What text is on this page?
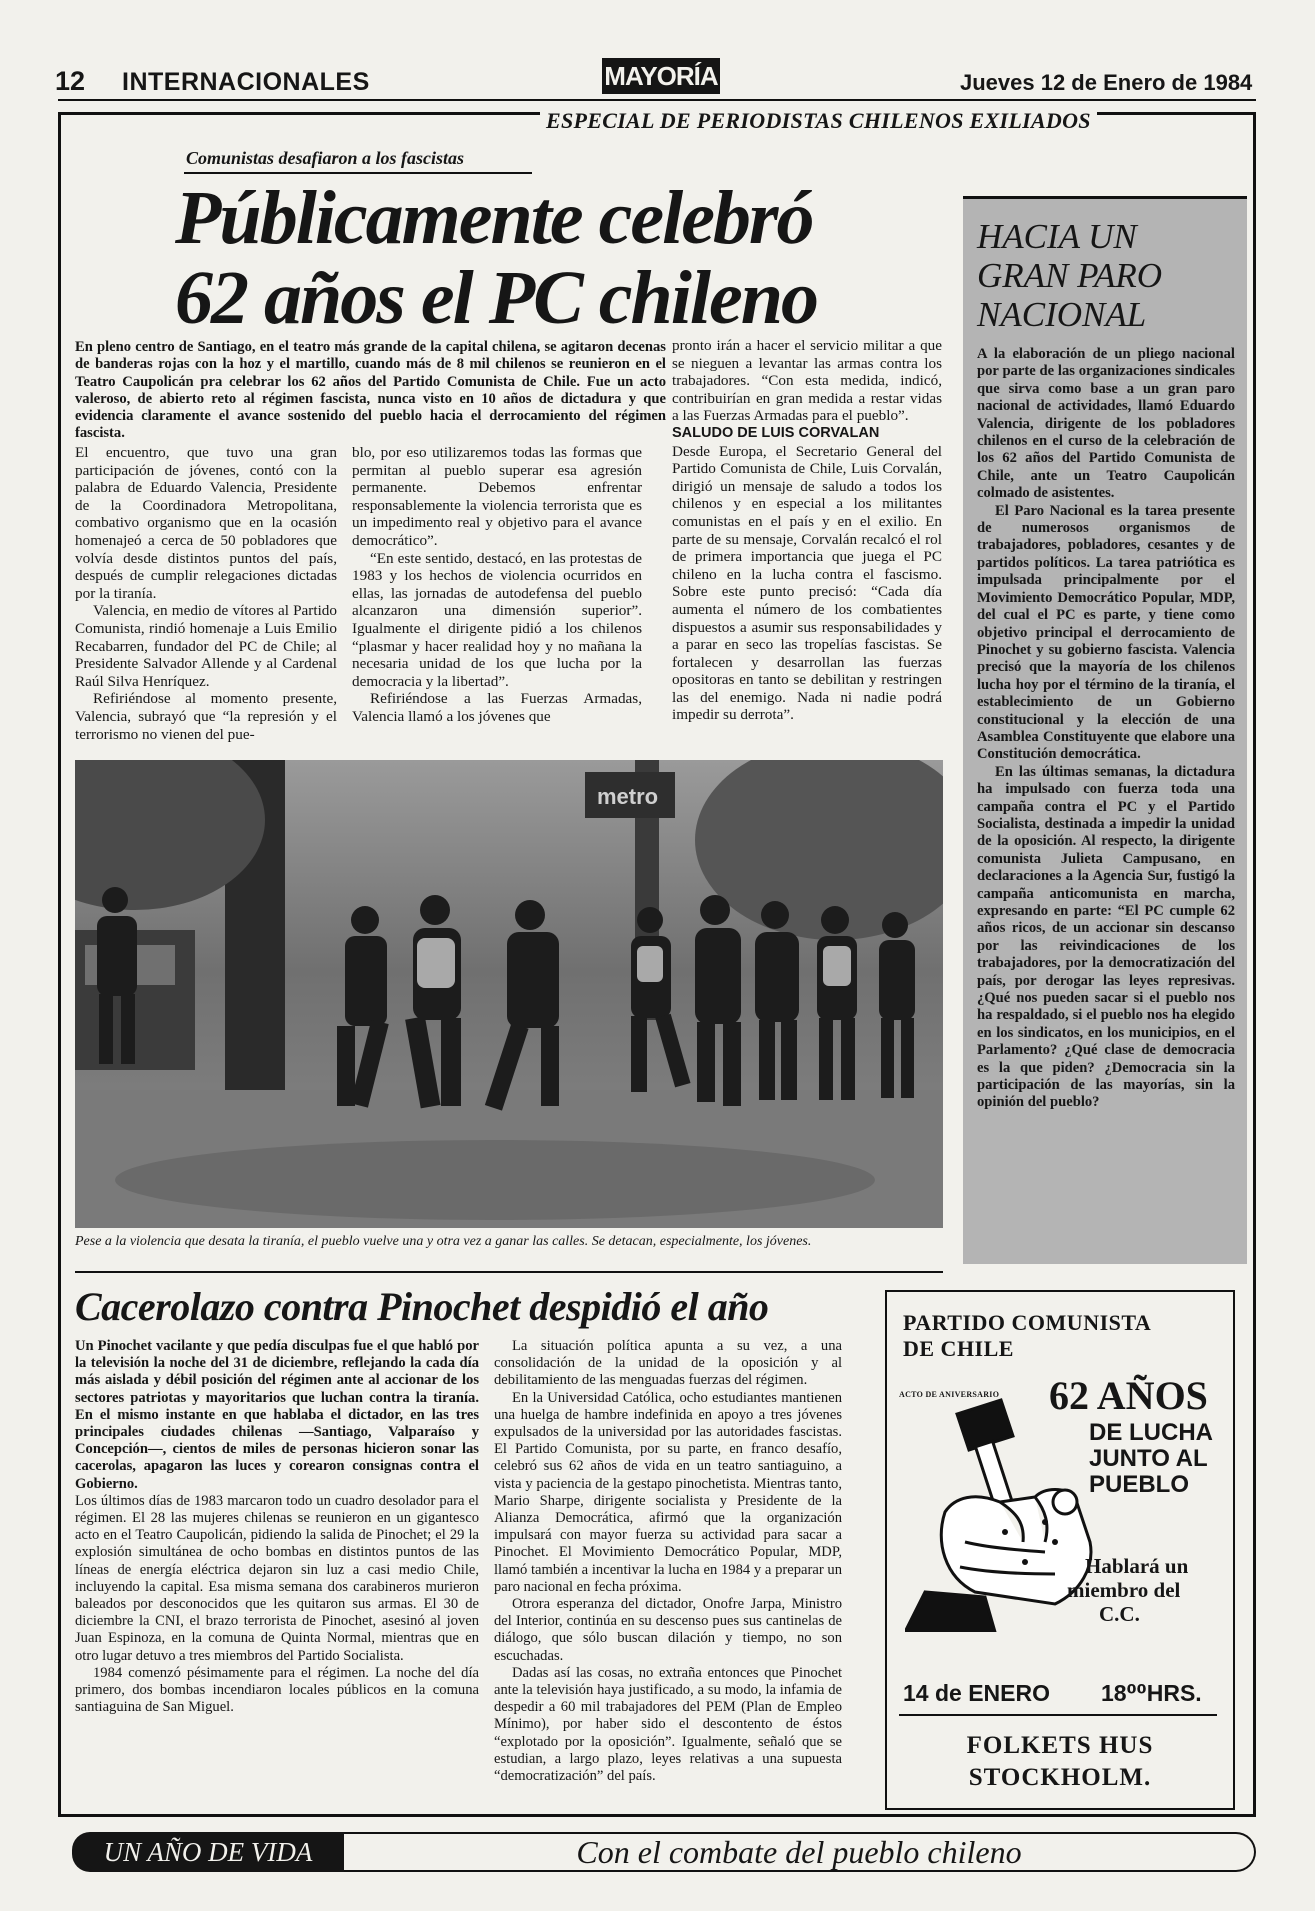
12 INTERNACIONALES	MAYORÍA	Jueves 12 de Enero de 1984
ESPECIAL DE PERIODISTAS CHILENOS EXILIADOS
Comunistas desafiaron a los fascistas
Públicamente celebró
62 años el PC chileno

En pleno centro de Santiago, en el teatro más grande de la capital chilena, se agitaron decenas de banderas rojas con la hoz y el martillo, cuando más de 8 mil chilenos se reunieron en el Teatro Caupolicán pra celebrar los 62 años del Partido Comunista de Chile. Fue un acto valeroso, de abierto reto al régimen fascista, nunca visto en 10 años de dictadura y que evidencia claramente el avance sostenido del pueblo hacia el derrocamiento del régimen fascista.

El encuentro, que tuvo una gran participación de jóvenes, contó con la palabra de Eduardo Valencia, Presidente de la Coordinadora Metropolitana, combativo organismo que en la ocasión homenajeó a cerca de 50 pobladores que volvía desde distintos puntos del país, después de cumplir relegaciones dictadas por la tiranía.

Valencia, en medio de vítores al Partido Comunista, rindió homenaje a Luis Emilio Recabarren, fundador del PC de Chile; al Presidente Salvador Allende y al Cardenal Raúl Silva Henríquez.

Refiriéndose al momento presente, Valencia, subrayó que “la represión y el terrorismo no vienen del pue-

blo, por eso utilizaremos todas las formas que permitan al pueblo superar esa agresión permanente. Debemos enfrentar responsablemente la violencia terrorista que es un impedimento real y objetivo para el avance democrático”.

“En este sentido, destacó, en las protestas de 1983 y los hechos de violencia ocurridos en ellas, las jornadas de autodefensa del pueblo alcanzaron una dimensión superior”. Igualmente el dirigente pidió a los chilenos “plasmar y hacer realidad hoy y no mañana la necesaria unidad de los que lucha por la democracia y la libertad”.

Refiriéndose a las Fuerzas Armadas, Valencia llamó a los jóvenes que

pronto irán a hacer el servicio militar a que se nieguen a levantar las armas contra los trabajadores. “Con esta medida, indicó, contribuirían en gran medida a restar vidas a las Fuerzas Armadas para el pueblo”.

SALUDO DE LUIS CORVALAN

Desde Europa, el Secretario General del Partido Comunista de Chile, Luis Corvalán, dirigió un mensaje de saludo a todos los chilenos y en especial a los militantes comunistas en el país y en el exilio. En parte de su mensaje, Corvalán recalcó el rol de primera importancia que juega el PC chileno en la lucha contra el fascismo. Sobre este punto precisó: “Cada día aumenta el número de los combatientes dispuestos a asumir sus responsabilidades y a parar en seco las tropelías fascistas. Se fortalecen y desarrollan las fuerzas opositoras en tanto se debilitan y restringen las del enemigo. Nada ni nadie podrá impedir su derrota”.

metro
Pese a la violencia que desata la tiranía, el pueblo vuelve una y otra vez a ganar las calles. Se detacan, especialmente, los jóvenes.
HACIA UN
GRAN PARO
NACIONAL

A la elaboración de un pliego nacional por parte de las organizaciones sindicales que sirva como base a un gran paro nacional de actividades, llamó Eduardo Valencia, dirigente de los pobladores chilenos en el curso de la celebración de los 62 años del Partido Comunista de Chile, ante un Teatro Caupolicán colmado de asistentes.

El Paro Nacional es la tarea presente de numerosos organismos de trabajadores, pobladores, cesantes y de partidos políticos. La tarea patriótica es impulsada principalmente por el Movimiento Democrático Popular, MDP, del cual el PC es parte, y tiene como objetivo principal el derrocamiento de Pinochet y su gobierno fascista. Valencia precisó que la mayoría de los chilenos lucha hoy por el término de la tiranía, el establecimiento de un Gobierno constitucional y la elección de una Asamblea Constituyente que elabore una Constitución democrática.

En las últimas semanas, la dictadura ha impulsado con fuerza toda una campaña contra el PC y el Partido Socialista, destinada a impedir la unidad de la oposición. Al respecto, la dirigente comunista Julieta Campusano, en declaraciones a la Agencia Sur, fustigó la campaña anticomunista en marcha, expresando en parte: “El PC cumple 62 años ricos, de un accionar sin descanso por las reivindicaciones de los trabajadores, por la democratización del país, por derogar las leyes represivas. ¿Qué nos pueden sacar si el pueblo nos ha respaldado, si el pueblo nos ha elegido en los sindicatos, en los municipios, en el Parlamento? ¿Qué clase de democracia es la que piden? ¿Democracia sin la participación de las mayorías, sin la opinión del pueblo?

Cacerolazo contra Pinochet despidió el año

Un Pinochet vacilante y que pedía disculpas fue el que habló por la televisión la noche del 31 de diciembre, reflejando la cada día más aislada y débil posición del régimen ante al accionar de los sectores patriotas y mayoritarios que luchan contra la tiranía. En el mismo instante en que hablaba el dictador, en las tres principales ciudades chilenas —Santiago, Valparaíso y Concepción—, cientos de miles de personas hicieron sonar las cacerolas, apagaron las luces y corearon consignas contra el Gobierno.

Los últimos días de 1983 marcaron todo un cuadro desolador para el régimen. El 28 las mujeres chilenas se reunieron en un gigantesco acto en el Teatro Caupolicán, pidiendo la salida de Pinochet; el 29 la explosión simultánea de ocho bombas en distintos puntos de las líneas de energía eléctrica dejaron sin luz a casi medio Chile, incluyendo la capital. Esa misma semana dos carabineros murieron baleados por desconocidos que les quitaron sus armas. El 30 de diciembre la CNI, el brazo terrorista de Pinochet, asesinó al joven Juan Espinoza, en la comuna de Quinta Normal, mientras que en otro lugar detuvo a tres miembros del Partido Socialista.

1984 comenzó pésimamente para el régimen. La noche del día primero, dos bombas incendiaron locales públicos en la comuna santiaguina de San Miguel.

La situación política apunta a su vez, a una consolidación de la unidad de la oposición y al debilitamiento de las menguadas fuerzas del régimen.

En la Universidad Católica, ocho estudiantes mantienen una huelga de hambre indefinida en apoyo a tres jóvenes expulsados de la universidad por las autoridades fascistas. El Partido Comunista, por su parte, en franco desafío, celebró sus 62 años de vida en un teatro santiaguino, a vista y paciencia de la gestapo pinochetista. Mientras tanto, Mario Sharpe, dirigente socialista y Presidente de la Alianza Democrática, afirmó que la organización impulsará con mayor fuerza su actividad para sacar a Pinochet. El Movimiento Democrático Popular, MDP, llamó también a incentivar la lucha en 1984 y a preparar un paro nacional en fecha próxima.

Otrora esperanza del dictador, Onofre Jarpa, Ministro del Interior, continúa en su descenso pues sus cantinelas de diálogo, que sólo buscan dilación y tiempo, no son escuchadas.

Dadas así las cosas, no extraña entonces que Pinochet ante la televisión haya justificado, a su modo, la infamia de despedir a 60 mil trabajadores del PEM (Plan de Empleo Mínimo), por haber sido el descontento de éstos “explotado por la oposición”. Igualmente, señaló que se estudian, a largo plazo, leyes relativas a una supuesta “democratización” del país.

PARTIDO COMUNISTA
DE CHILE
ACTO DE ANIVERSARIO 62 AÑOS
DE LUCHA
JUNTO AL
PUEBLO
Hablará un
miembro del
C.C.
14 de ENERO 18⁰⁰HRS.
FOLKETS HUS
STOCKHOLM.
UN AÑO DE VIDA	Con el combate del pueblo chileno
